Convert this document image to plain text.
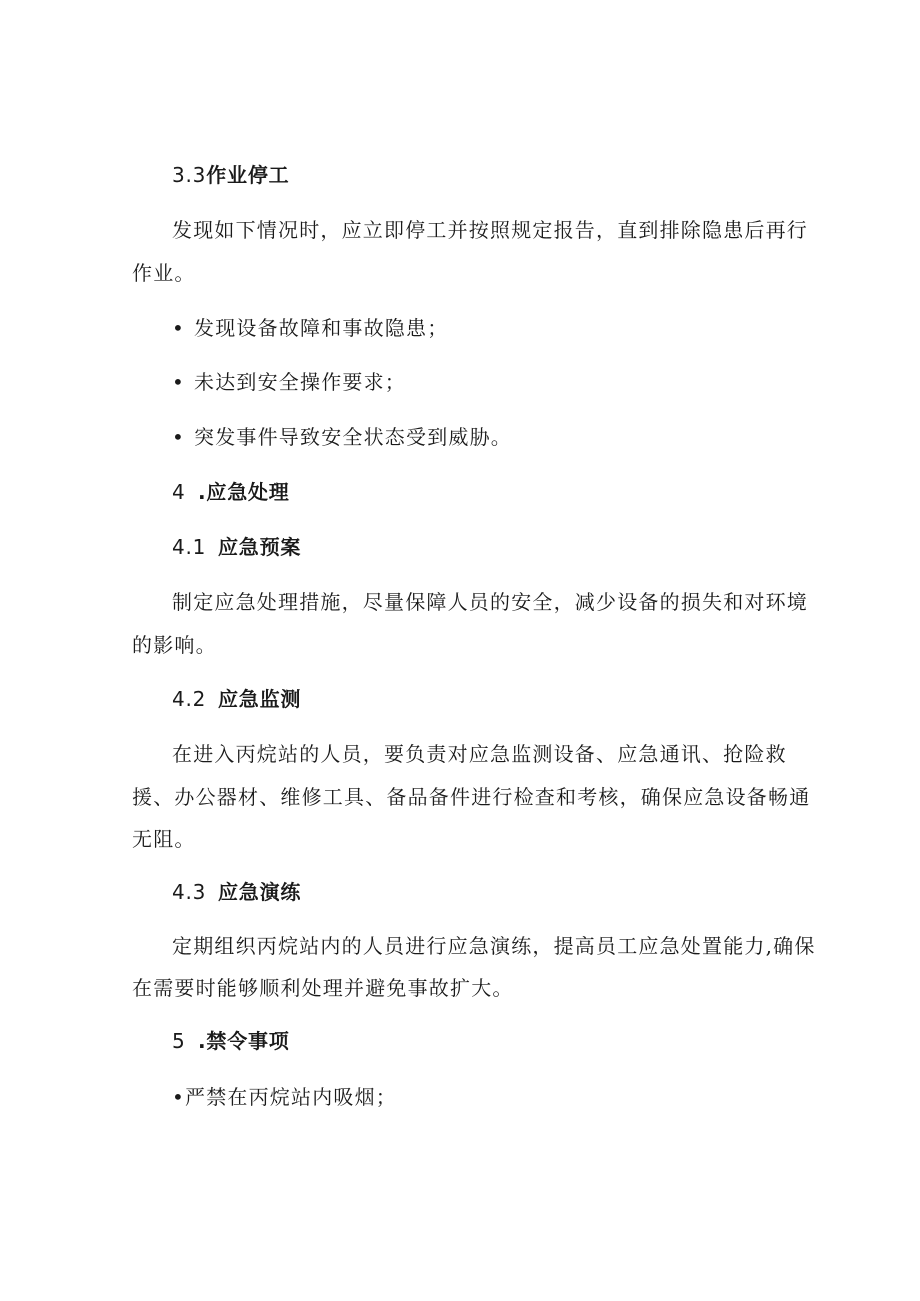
3.3作业停工
发现如下情况时，应立即停工并按照规定报告，直到排除隐患后再行
作业。
• 发现设备故障和事故隐患；
• 未达到安全操作要求；
• 突发事件导致安全状态受到威胁。
4 .应急处理
4.1 应急预案
制定应急处理措施，尽量保障人员的安全，减少设备的损失和对环境
的影响。
4.2 应急监测
在进入丙烷站的人员，要负责对应急监测设备、应急通讯、抢险救
援、办公器材、维修工具、备品备件进行检查和考核，确保应急设备畅通
无阻。
4.3 应急演练
定期组织丙烷站内的人员进行应急演练，提高员工应急处置能力,确保
在需要时能够顺利处理并避免事故扩大。
5 .禁令事项
•严禁在丙烷站内吸烟；
